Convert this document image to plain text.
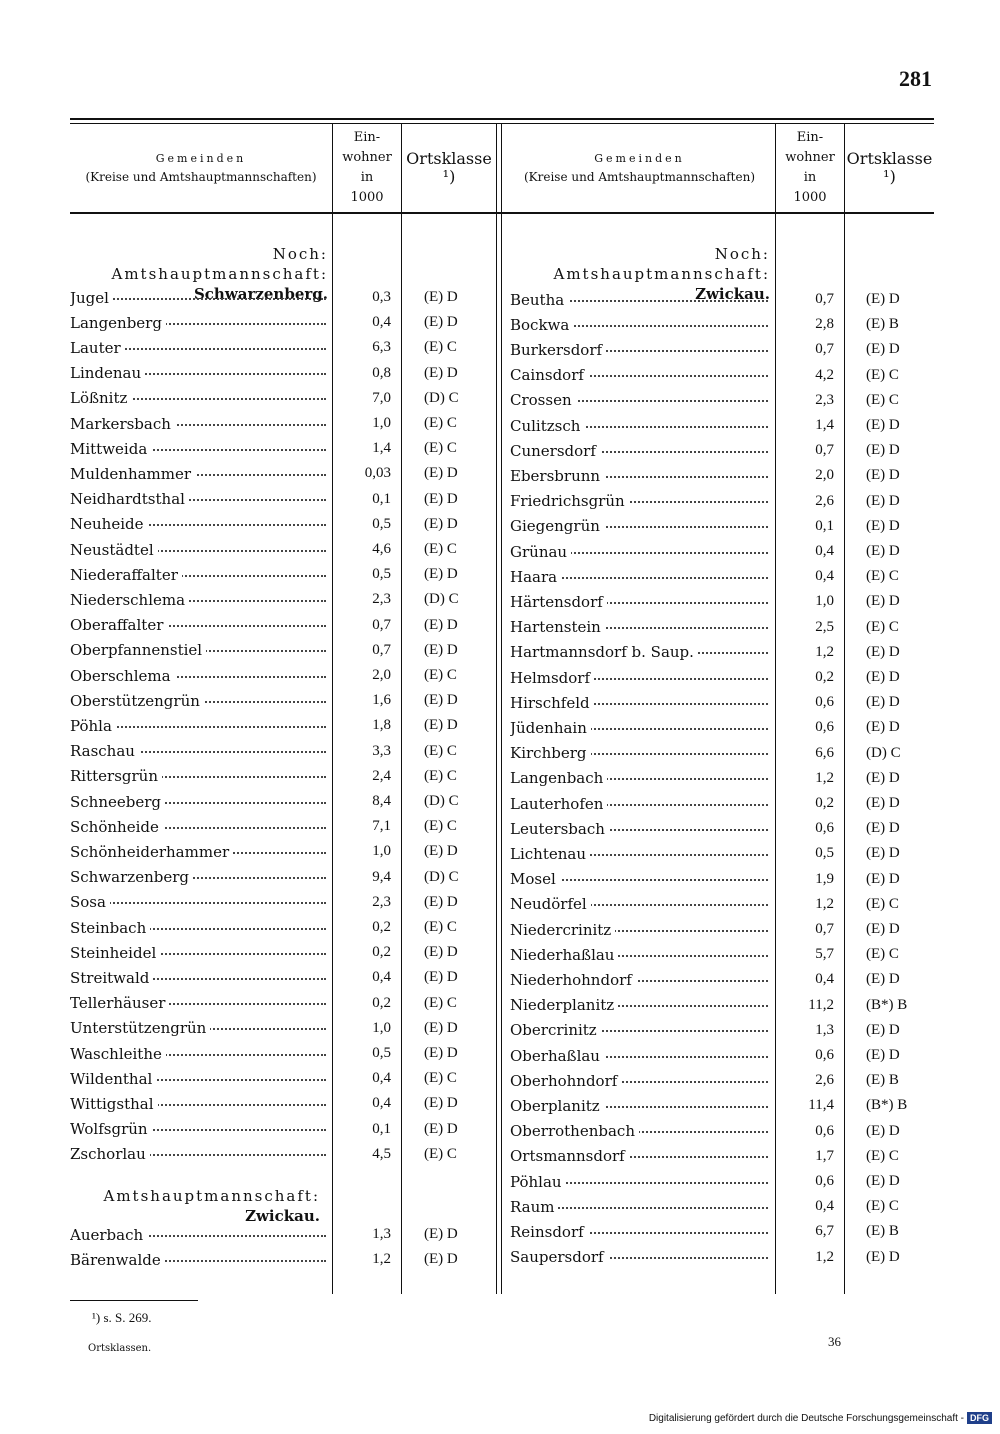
281
Gemeinden
(Kreise und Amtshauptmannschaften)
Ein-
wohner
in
1000
Ortsklasse ¹)
Gemeinden
(Kreise und Amtshauptmannschaften)
Ein-
wohner
in
1000
Ortsklasse ¹)
Noch: Amtshauptmannschaft:
Schwarzenberg.
Noch: Amtshauptmannschaft:
Zwickau.
Amtshauptmannschaft:
Zwickau.
Jugel	0,3	(E) D
Langenberg	0,4	(E) D
Lauter	6,3	(E) C
Lindenau	0,8	(E) D
Lößnitz	7,0	(D) C
Markersbach	1,0	(E) C
Mittweida	1,4	(E) C
Muldenhammer	0,03	(E) D
Neidhardtsthal	0,1	(E) D
Neuheide	0,5	(E) D
Neustädtel	4,6	(E) C
Niederaffalter	0,5	(E) D
Niederschlema	2,3	(D) C
Oberaffalter	0,7	(E) D
Oberpfannenstiel	0,7	(E) D
Oberschlema	2,0	(E) C
Oberstützengrün	1,6	(E) D
Pöhla	1,8	(E) D
Raschau	3,3	(E) C
Rittersgrün	2,4	(E) C
Schneeberg	8,4	(D) C
Schönheide	7,1	(E) C
Schönheiderhammer	1,0	(E) D
Schwarzenberg	9,4	(D) C
Sosa	2,3	(E) D
Steinbach	0,2	(E) C
Steinheidel	0,2	(E) D
Streitwald	0,4	(E) D
Tellerhäuser	0,2	(E) C
Unterstützengrün	1,0	(E) D
Waschleithe	0,5	(E) D
Wildenthal	0,4	(E) C
Wittigsthal	0,4	(E) D
Wolfsgrün	0,1	(E) D
Zschorlau	4,5	(E) C
Auerbach	1,3	(E) D
Bärenwalde	1,2	(E) D
Beutha	0,7	(E) D
Bockwa	2,8	(E) B
Burkersdorf	0,7	(E) D
Cainsdorf	4,2	(E) C
Crossen	2,3	(E) C
Culitzsch	1,4	(E) D
Cunersdorf	0,7	(E) D
Ebersbrunn	2,0	(E) D
Friedrichsgrün	2,6	(E) D
Giegengrün	0,1	(E) D
Grünau	0,4	(E) D
Haara	0,4	(E) C
Härtensdorf	1,0	(E) D
Hartenstein	2,5	(E) C
Hartmannsdorf b. Saup.	1,2	(E) D
Helmsdorf	0,2	(E) D
Hirschfeld	0,6	(E) D
Jüdenhain	0,6	(E) D
Kirchberg	6,6	(D) C
Langenbach	1,2	(E) D
Lauterhofen	0,2	(E) D
Leutersbach	0,6	(E) D
Lichtenau	0,5	(E) D
Mosel	1,9	(E) D
Neudörfel	1,2	(E) C
Niedercrinitz	0,7	(E) D
Niederhaßlau	5,7	(E) C
Niederhohndorf	0,4	(E) D
Niederplanitz	11,2	(B*) B
Obercrinitz	1,3	(E) D
Oberhaßlau	0,6	(E) D
Oberhohndorf	2,6	(E) B
Oberplanitz	11,4	(B*) B
Oberrothenbach	0,6	(E) D
Ortsmannsdorf	1,7	(E) C
Pöhlau	0,6	(E) D
Raum	0,4	(E) C
Reinsdorf	6,7	(E) B
Saupersdorf	1,2	(E) D
¹) s. S. 269.
Ortsklassen.	36
Digitalisierung gefördert durch die Deutsche Forschungsgemeinschaft - DFG
